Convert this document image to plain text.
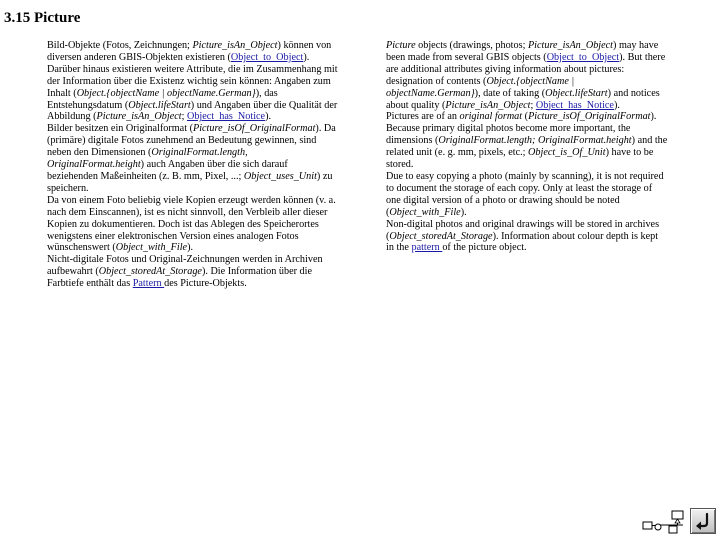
3.15 Picture

Bild-Objekte (Fotos, Zeichnungen; Picture_isAn_Object) können von diversen anderen GBIS-Objekten existieren (Object_to_Object). Darüber hinaus existieren weitere Attribute, die im Zusammenhang mit der Information über die Existenz wichtig sein können: Angaben zum Inhalt (Object.{objectName | objectName.German}), das Entstehungsdatum (Object.lifeStart) und Angaben über die Qualität der Abbildung (Picture_isAn_Object; Object_has_Notice).

Bilder besitzen ein Originalformat (Picture_isOf_OriginalFormat). Da (primäre) digitale Fotos zunehmend an Bedeutung gewinnen, sind neben den Dimensionen (OriginalFormat.length, OriginalFormat.height) auch Angaben über die sich darauf beziehenden Maßeinheiten (z. B. mm, Pixel, ...; Object_uses_Unit) zu speichern.

Da von einem Foto beliebig viele Kopien erzeugt werden können (v. a. nach dem Einscannen), ist es nicht sinnvoll, den Verbleib aller dieser Kopien zu dokumentieren. Doch ist das Ablegen des Speicherortes wenigstens einer elektronischen Version eines analogen Fotos wünschenswert (Object_with_File).

Nicht-digitale Fotos und Original-Zeichnungen werden in Archiven aufbewahrt (Object_storedAt_Storage). Die Information über die Farbtiefe enthält das Pattern des Picture-Objekts.

Picture objects (drawings, photos; Picture_isAn_Object) may have been made from several GBIS objects (Object_to_Object). But there are additional attributes giving information about pictures: designation of contents (Object.{objectName | objectName.German}), date of taking (Object.lifeStart) and notices about quality (Picture_isAn_Object; Object_has_Notice).

Pictures are of an original format (Picture_isOf_OriginalFormat). Because primary digital photos become more important, the dimensions (OriginalFormat.length; OriginalFormat.height) and the related unit (e. g. mm, pixels, etc.; Object_is_Of_Unit) have to be stored.

Due to easy copying a photo (mainly by scanning), it is not required to document the storage of each copy. Only at least the storage of one digital version of a photo or drawing should be noted (Object_with_File).

Non-digital photos and original drawings will be stored in archives (Object_storedAt_Storage). Information about colour depth is kept in the pattern of the picture object.
